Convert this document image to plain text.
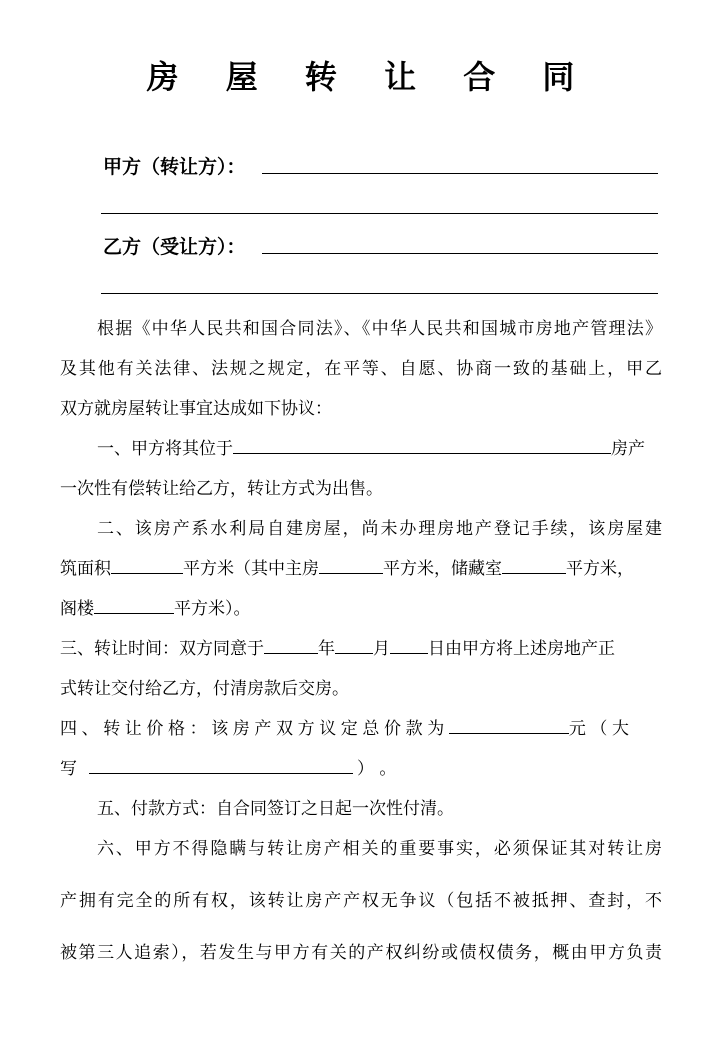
房 屋 转 让 合 同
甲方（转让方）：
乙方（受让方）：
根据《中华人民共和国合同法》、《中华人民共和国城市房地产管理法》
及其他有关法律、法规之规定，在平等、自愿、协商一致的基础上，甲乙
双方就房屋转让事宜达成如下协议：
一、甲方将其位于	房产
一次性有偿转让给乙方，转让方式为出售。
二、该房产系水利局自建房屋，尚未办理房地产登记手续，该房屋建
筑面积	平方米（其中主房	平方米，储藏室	平方米，
阁楼	平方米）。
三、转让时间：双方同意于	年 月 日由甲方将上述房地产正
式转让交付给乙方，付清房款后交房。
四、转让价格：该房产双方议定总价款为	元（大
写	） 。
五、付款方式：自合同签订之日起一次性付清。
六、甲方不得隐瞒与转让房产相关的重要事实，必须保证其对转让房
产拥有完全的所有权，该转让房产产权无争议（包括不被抵押、查封，不
被第三人追索），若发生与甲方有关的产权纠纷或债权债务，概由甲方负责
